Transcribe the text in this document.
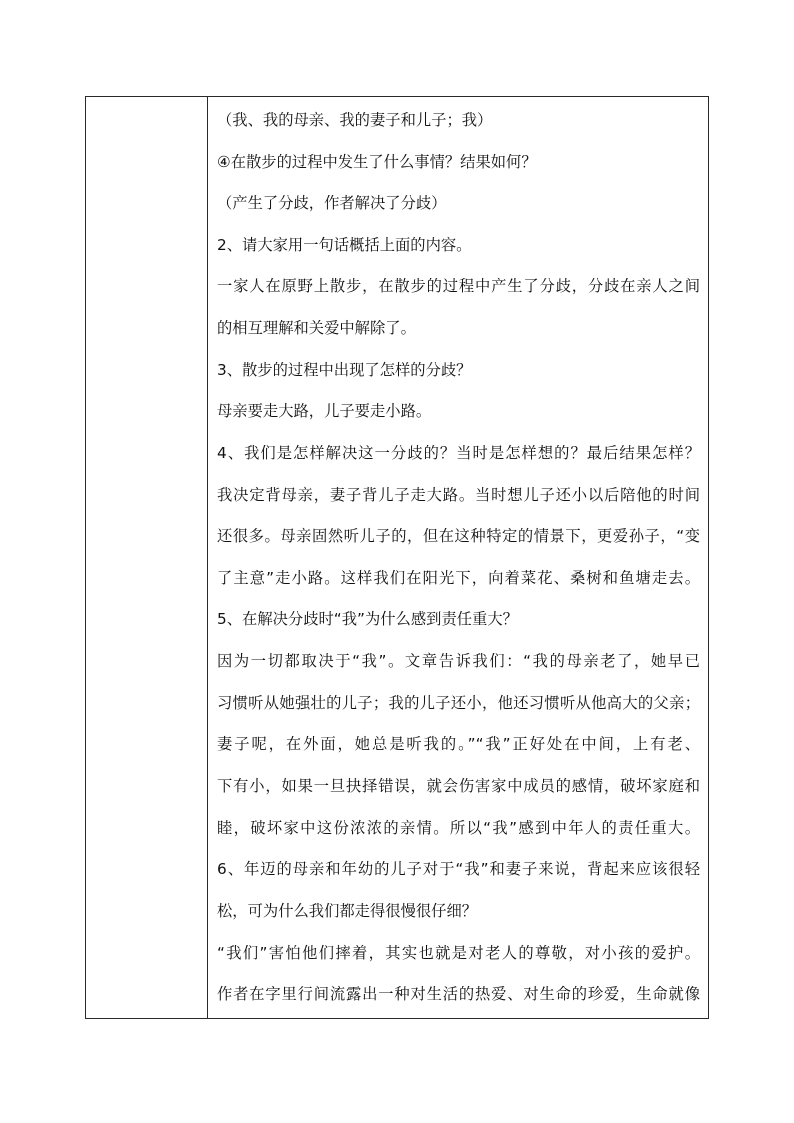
（我、我的母亲、我的妻子和儿子；我）
④在散步的过程中发生了什么事情？结果如何？
（产生了分歧，作者解决了分歧）
2、请大家用一句话概括上面的内容。
一家人在原野上散步，在散步的过程中产生了分歧，分歧在亲人之间
的相互理解和关爱中解除了。
3、散步的过程中出现了怎样的分歧？
母亲要走大路，儿子要走小路。
4、我们是怎样解决这一分歧的？当时是怎样想的？最后结果怎样？
我决定背母亲，妻子背儿子走大路。当时想儿子还小以后陪他的时间
还很多。母亲固然听儿子的，但在这种特定的情景下，更爱孙子，“变
了主意”走小路。这样我们在阳光下，向着菜花、桑树和鱼塘走去。
5、在解决分歧时“我”为什么感到责任重大？
因为一切都取决于“我”。文章告诉我们：“我的母亲老了，她早已
习惯听从她强壮的儿子；我的儿子还小，他还习惯听从他高大的父亲；
妻子呢，在外面，她总是听我的。”“我”正好处在中间，上有老、
下有小，如果一旦抉择错误，就会伤害家中成员的感情，破坏家庭和
睦，破坏家中这份浓浓的亲情。所以“我”感到中年人的责任重大。
6、年迈的母亲和年幼的儿子对于“我”和妻子来说，背起来应该很轻
松，可为什么我们都走得很慢很仔细？
“我们”害怕他们摔着，其实也就是对老人的尊敬，对小孩的爱护。
作者在字里行间流露出一种对生活的热爱、对生命的珍爱，生命就像
